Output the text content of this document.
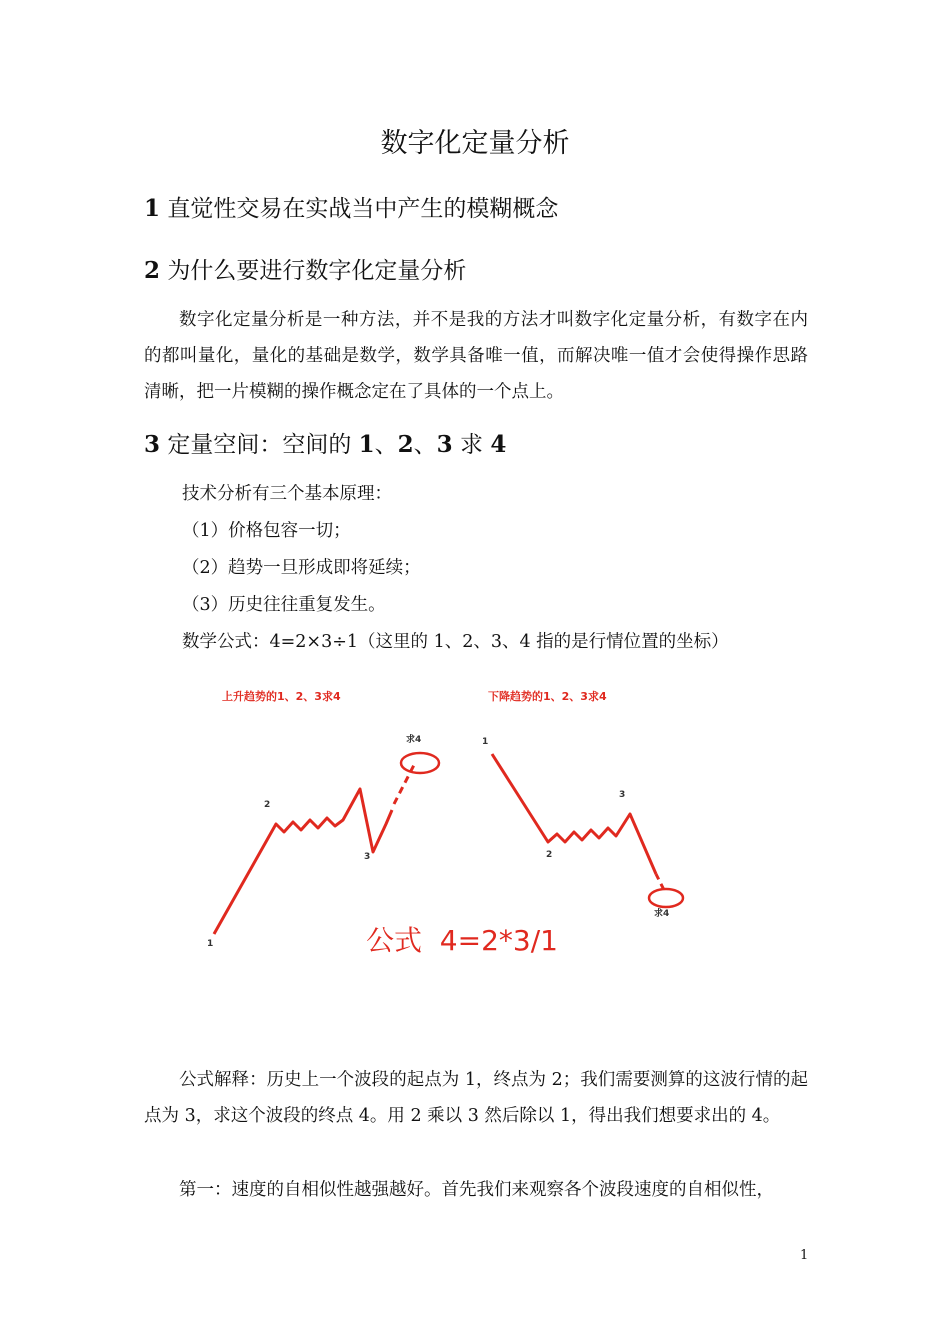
数字化定量分析
1 直觉性交易在实战当中产生的模糊概念
2 为什么要进行数字化定量分析

数字化定量分析是一种方法，并不是我的方法才叫数字化定量分析，有数字在内的都叫量化，量化的基础是数学，数学具备唯一值，而解决唯一值才会使得操作思路清晰，把一片模糊的操作概念定在了具体的一个点上。

3 定量空间：空间的 1、2、3 求 4

技术分析有三个基本原理：

（1）价格包容一切；

（2）趋势一旦形成即将延续；

（3）历史往往重复发生。

数学公式：4=2×3÷1（这里的 1、2、3、4 指的是行情位置的坐标）

上升趋势的1、2、3求4	下降趋势的1、2、3求4
1
2
3
求4	1
2
3
求4
公式  4=2*3/1

公式解释：历史上一个波段的起点为 1，终点为 2；我们需要测算的这波行情的起点为 3，求这个波段的终点 4。用 2 乘以 3 然后除以 1，得出我们想要求出的 4。

第一：速度的自相似性越强越好。首先我们来观察各个波段速度的自相似性，

1
